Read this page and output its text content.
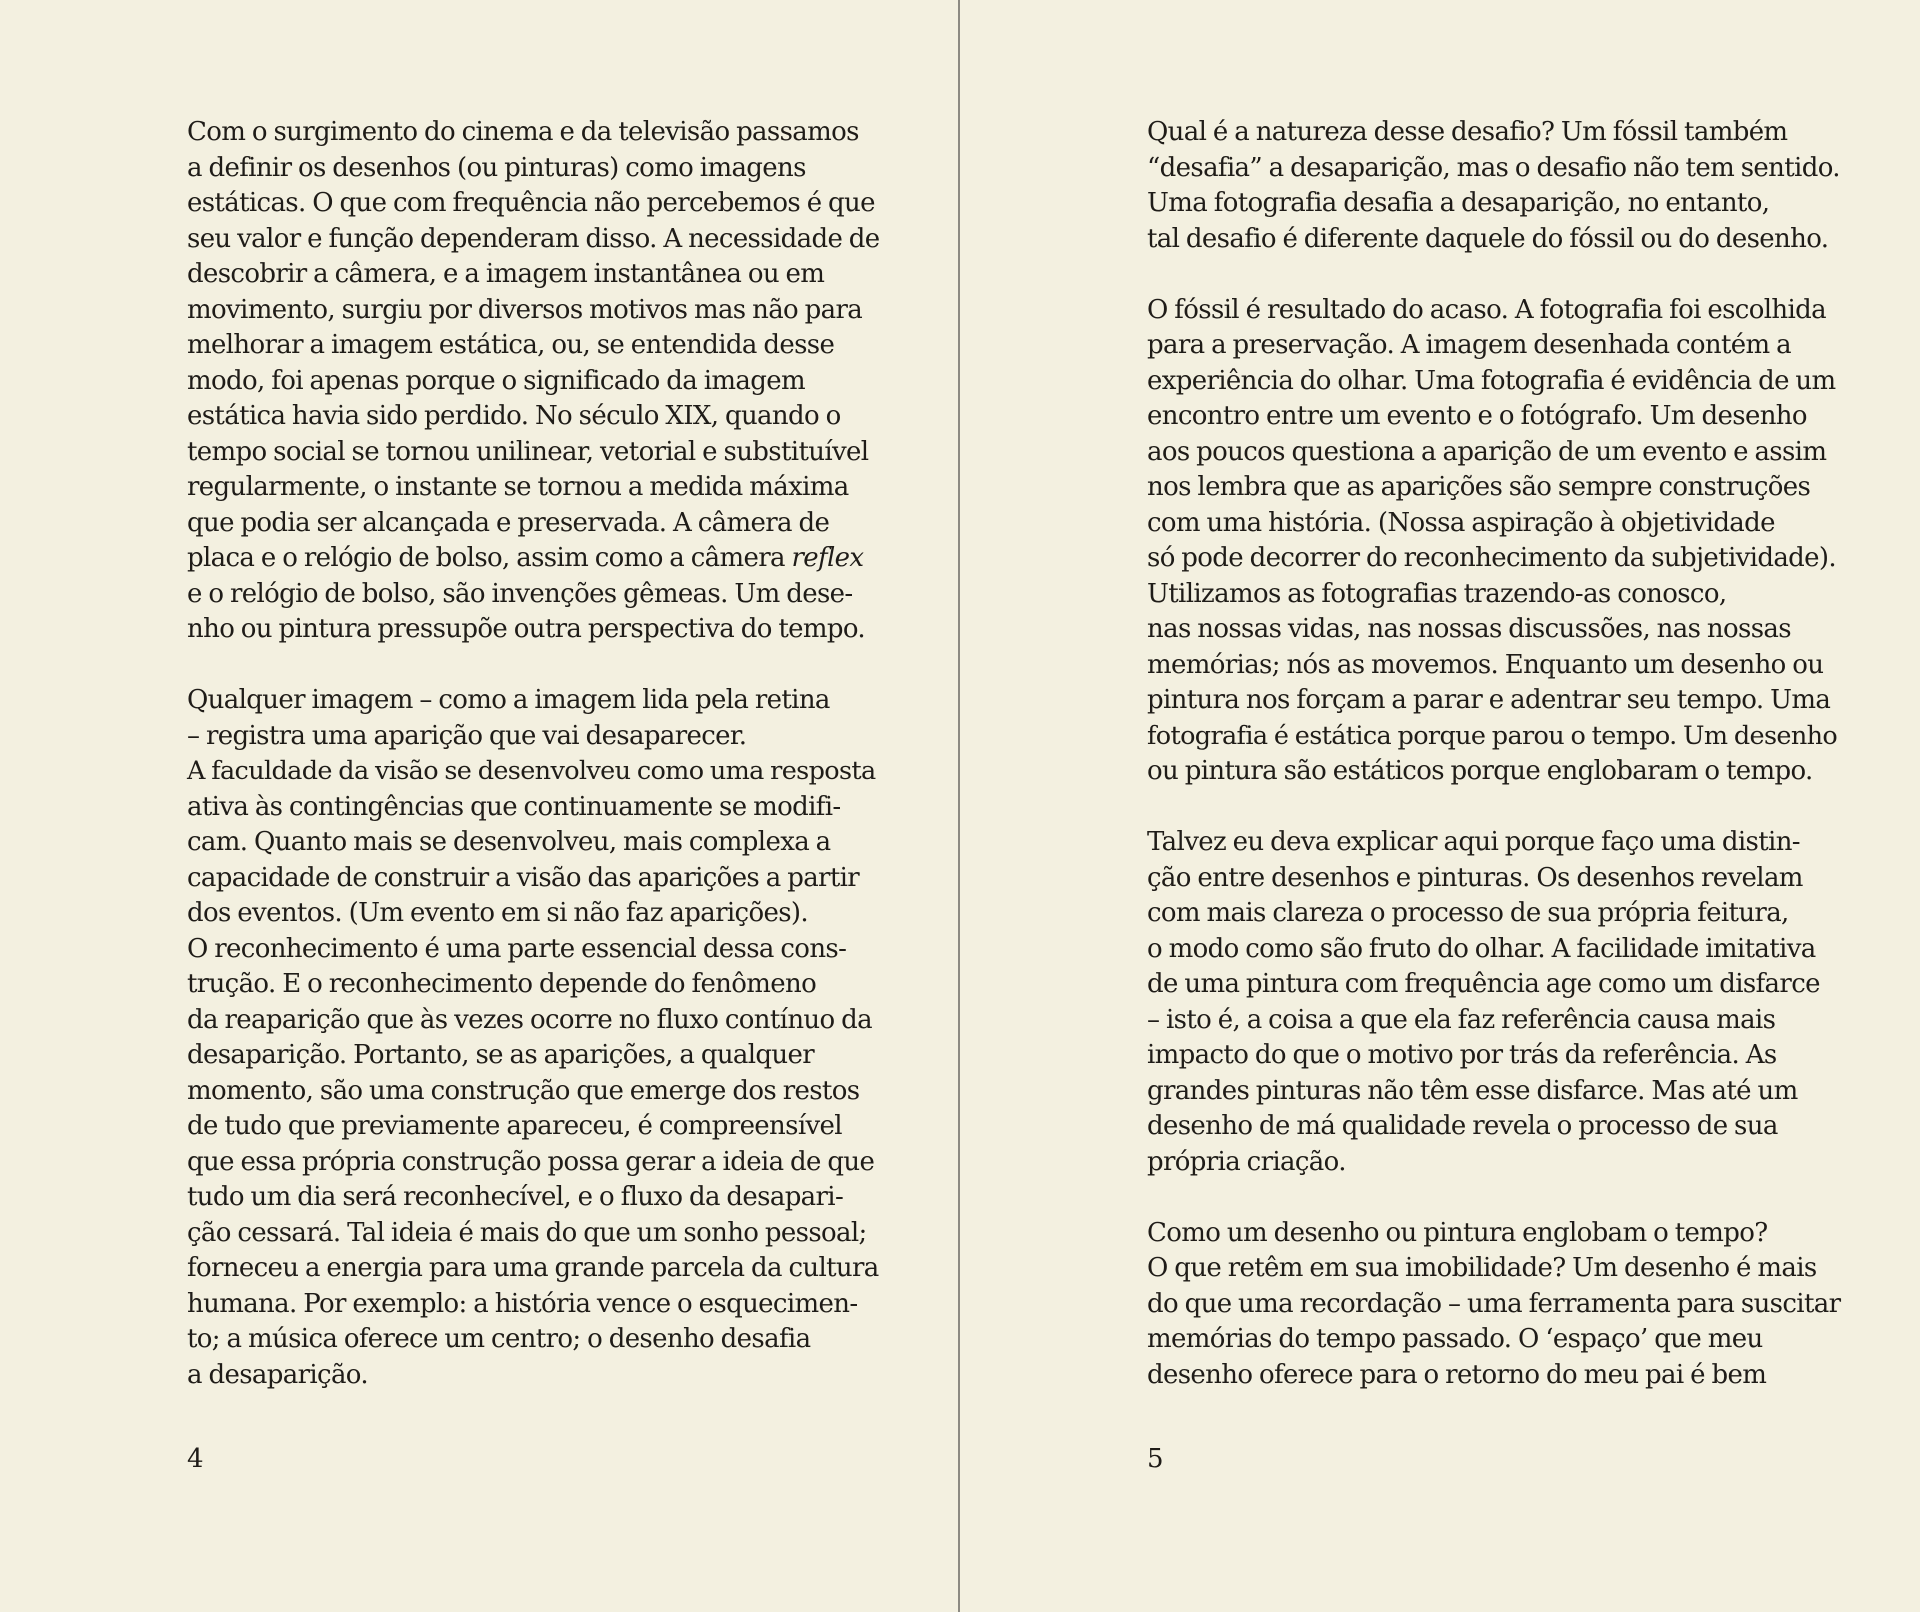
Com o surgimento do cinema e da televisão passamos
a definir os desenhos (ou pinturas) como imagens
estáticas. O que com frequência não percebemos é que
seu valor e função dependeram disso. A necessidade de
descobrir a câmera, e a imagem instantânea ou em
movimento, surgiu por diversos motivos mas não para
melhorar a imagem estática, ou, se entendida desse
modo, foi apenas porque o significado da imagem
estática havia sido perdido. No século XIX, quando o
tempo social se tornou unilinear, vetorial e substituível
regularmente, o instante se tornou a medida máxima
que podia ser alcançada e preservada. A câmera de
placa e o relógio de bolso, assim como a câmera reflex
e o relógio de bolso, são invenções gêmeas. Um dese-
nho ou pintura pressupõe outra perspectiva do tempo.
Qualquer imagem – como a imagem lida pela retina
– registra uma aparição que vai desaparecer.
A faculdade da visão se desenvolveu como uma resposta
ativa às contingências que continuamente se modifi-
cam. Quanto mais se desenvolveu, mais complexa a
capacidade de construir a visão das aparições a partir
dos eventos. (Um evento em si não faz aparições).
O reconhecimento é uma parte essencial dessa cons-
trução. E o reconhecimento depende do fenômeno
da reaparição que às vezes ocorre no fluxo contínuo da
desaparição. Portanto, se as aparições, a qualquer
momento, são uma construção que emerge dos restos
de tudo que previamente apareceu, é compreensível
que essa própria construção possa gerar a ideia de que
tudo um dia será reconhecível, e o fluxo da desapari-
ção cessará. Tal ideia é mais do que um sonho pessoal;
forneceu a energia para uma grande parcela da cultura
humana. Por exemplo: a história vence o esquecimen-
to; a música oferece um centro; o desenho desafia
a desaparição.
Qual é a natureza desse desafio? Um fóssil também
“desafia” a desaparição, mas o desafio não tem sentido.
Uma fotografia desafia a desaparição, no entanto,
tal desafio é diferente daquele do fóssil ou do desenho.
O fóssil é resultado do acaso. A fotografia foi escolhida
para a preservação. A imagem desenhada contém a
experiência do olhar. Uma fotografia é evidência de um
encontro entre um evento e o fotógrafo. Um desenho
aos poucos questiona a aparição de um evento e assim
nos lembra que as aparições são sempre construções
com uma história. (Nossa aspiração à objetividade
só pode decorrer do reconhecimento da subjetividade).
Utilizamos as fotografias trazendo-as conosco,
nas nossas vidas, nas nossas discussões, nas nossas
memórias; nós as movemos. Enquanto um desenho ou
pintura nos forçam a parar e adentrar seu tempo. Uma
fotografia é estática porque parou o tempo. Um desenho
ou pintura são estáticos porque englobaram o tempo.
Talvez eu deva explicar aqui porque faço uma distin-
ção entre desenhos e pinturas. Os desenhos revelam
com mais clareza o processo de sua própria feitura,
o modo como são fruto do olhar. A facilidade imitativa
de uma pintura com frequência age como um disfarce
– isto é, a coisa a que ela faz referência causa mais
impacto do que o motivo por trás da referência. As
grandes pinturas não têm esse disfarce. Mas até um
desenho de má qualidade revela o processo de sua
própria criação.
Como um desenho ou pintura englobam o tempo?
O que retêm em sua imobilidade? Um desenho é mais
do que uma recordação – uma ferramenta para suscitar
memórias do tempo passado. O ‘espaço’ que meu
desenho oferece para o retorno do meu pai é bem
4	5
